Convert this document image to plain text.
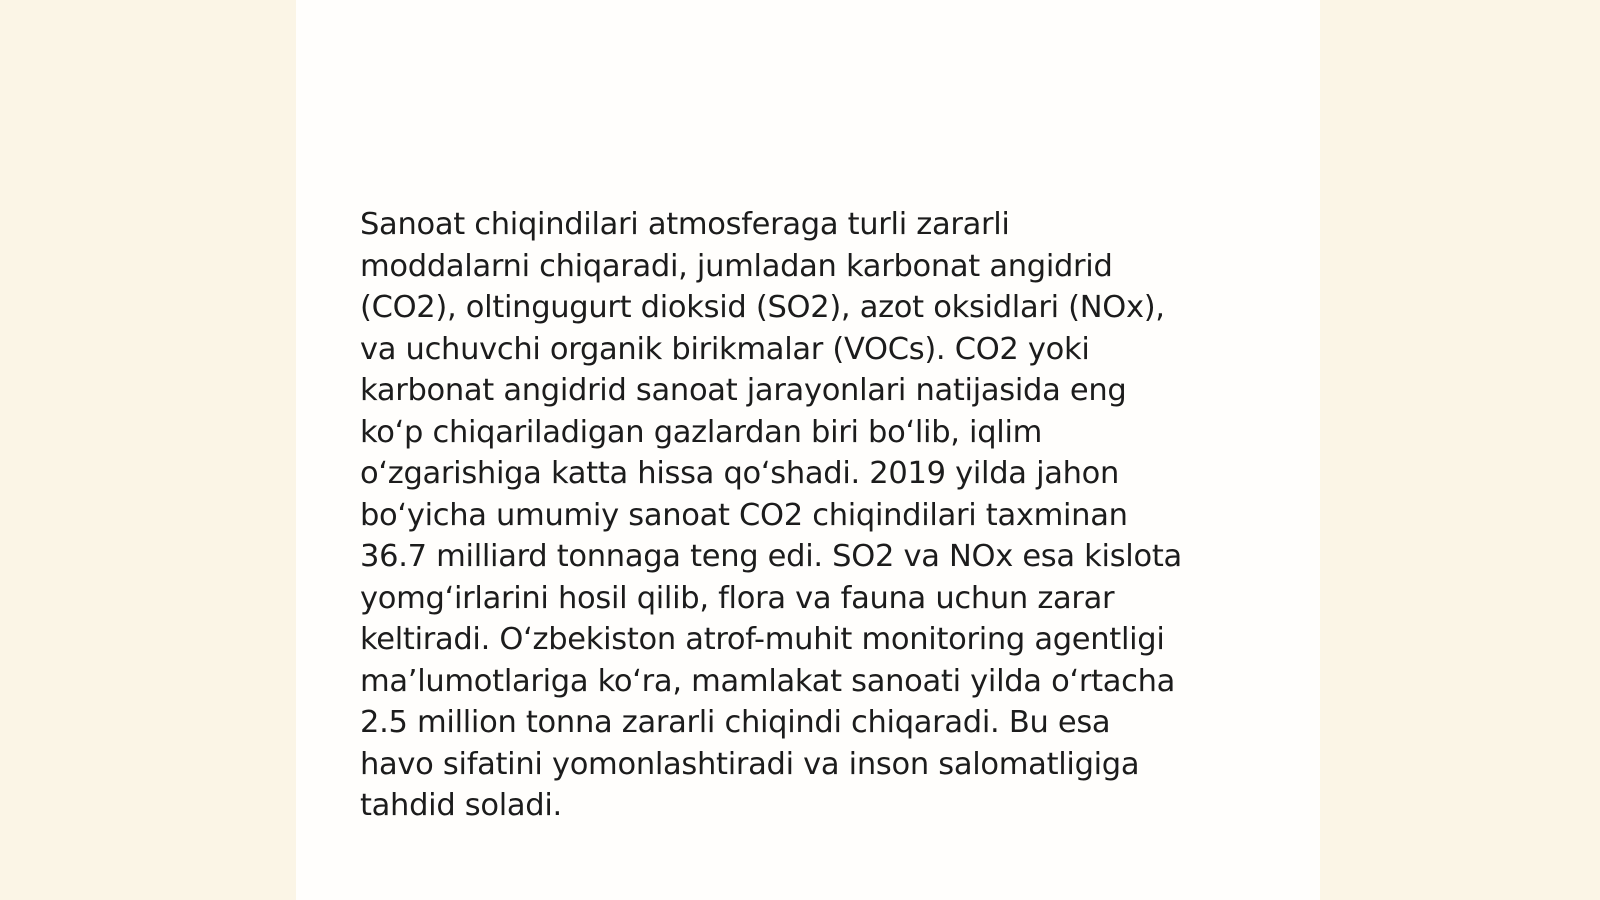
Sanoat chiqindilari atmosferaga turli zararli
moddalarni chiqaradi, jumladan karbonat angidrid
(CO2), oltingugurt dioksid (SO2), azot oksidlari (NOx),
va uchuvchi organik birikmalar (VOCs). CO2 yoki
karbonat angidrid sanoat jarayonlari natijasida eng
koʻp chiqariladigan gazlardan biri boʻlib, iqlim
oʻzgarishiga katta hissa qoʻshadi. 2019 yilda jahon
boʻyicha umumiy sanoat CO2 chiqindilari taxminan
36.7 milliard tonnaga teng edi. SO2 va NOx esa kislota
yomgʻirlarini hosil qilib, flora va fauna uchun zarar
keltiradi. Oʻzbekiston atrof-muhit monitoring agentligi
maʼlumotlariga koʻra, mamlakat sanoati yilda oʻrtacha
2.5 million tonna zararli chiqindi chiqaradi. Bu esa
havo sifatini yomonlashtiradi va inson salomatligiga
tahdid soladi.
